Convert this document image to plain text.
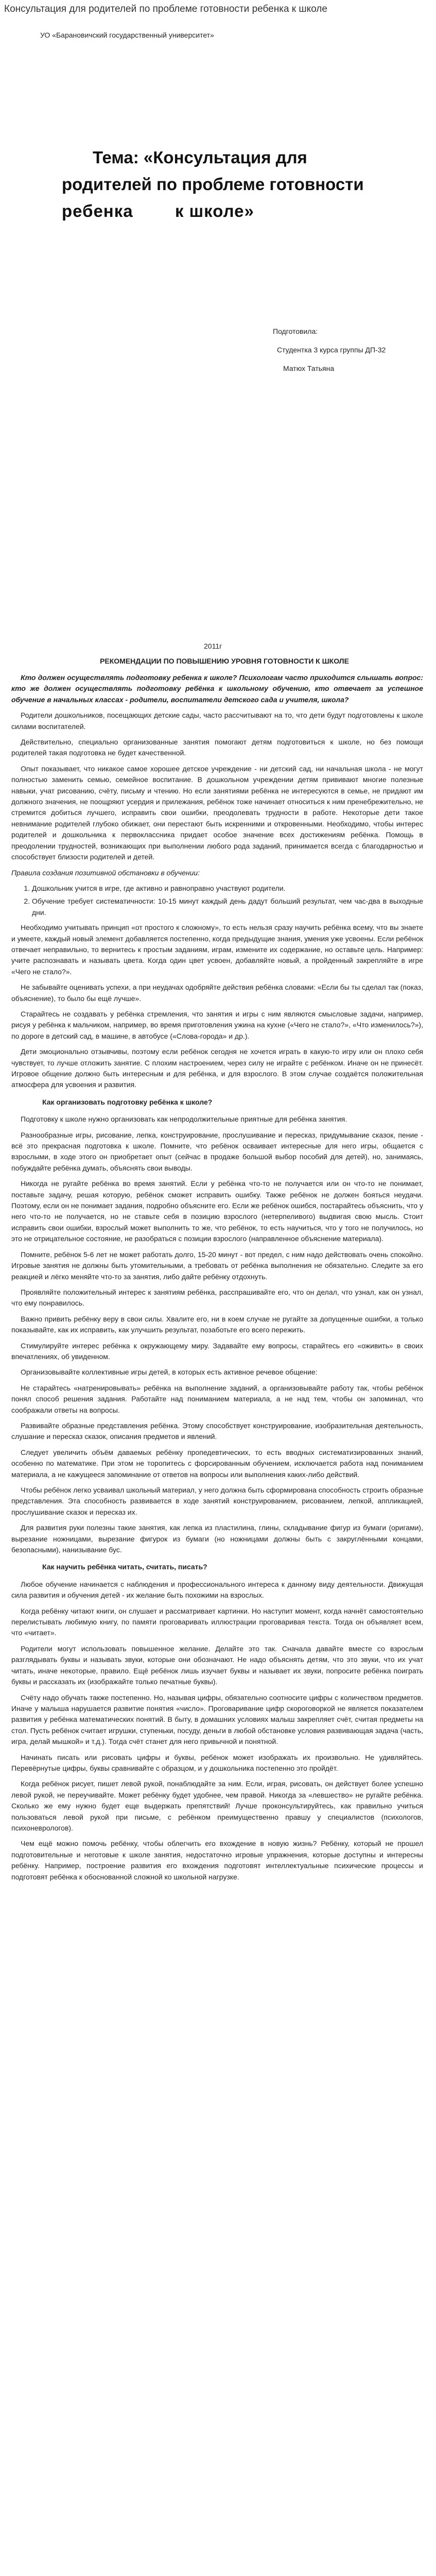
Консультация для родителей по проблеме готовности ребенка к школе
УО «Барановичский государственный университет»
Тема: «Консультация для
родителей по проблеме готовности
ребенка        к школе»
Подготовила:
Студентка 3 курса группы ДП-32
Матюх Татьяна
2011г
РЕКОМЕНДАЦИИ ПО ПОВЫШЕНИЮ УРОВНЯ ГОТОВНОСТИ К ШКОЛЕ

Кто должен осуществлять подготовку ребенка к школе? Психологам часто приходится слышать вопрос: кто же должен осуществлять подготовку ребёнка к школьному обучению, кто отвечает за успешное обучение в начальных классах - родители, воспитатели детского сада и учителя, школа?

Родители дошкольников, посещающих детские сады, часто рассчитывают на то, что дети будут подготовлены к школе силами воспитателей.

Действительно, специально организованные занятия помогают детям подготовиться к школе, но без помощи родителей такая подготовка не будет качественной.

Опыт показывает, что никакое самое хорошее детское учреждение - ни детский сад, ни начальная школа - не могут полностью заменить семью, семейное воспитание. В дошкольном учреждении детям прививают многие полезные навыки, учат рисованию, счёту, письму и чтению. Но если занятиями ребёнка не интересуются в семье, не придают им должного значения, не поощряют усердия и прилежания, ребёнок тоже начинает относиться к ним пренебрежительно, не стремится добиться лучшего, исправить свои ошибки, преодолевать трудности в работе. Некоторые дети такое невнимание родителей глубоко обижает, они перестают быть искренними и откровенными. Необходимо, чтобы интерес родителей и дошкольника к первоклассника придает особое значение всех достижениям ребёнка. Помощь в преодолении трудностей, возникающих при выполнении любого рода заданий, принимается всегда с благодарностью и способствует близости родителей и детей.

Правила создания позитивной обстановки в обучении:

1. Дошкольник учится в игре, где активно и равноправно участвуют родители.
2. Обучение требует систематичности: 10-15 минут каждый день дадут больший результат, чем час-два в выходные дни.

Необходимо учитывать принцип «от простого к сложному», то есть нельзя сразу научить ребёнка всему, что вы знаете и умеете, каждый новый элемент добавляется постепенно, когда предыдущие знания, умения уже усвоены. Если ребёнок отвечает неправильно, то вернитесь к простым заданиям, играм, измените их содержание, но оставьте цель. Например: учите распознавать и называть цвета. Когда один цвет усвоен, добавляйте новый, а пройденный закрепляйте в игре «Чего не стало?».

Не забывайте оценивать успехи, а при неудачах одобряйте действия ребёнка словами: «Если бы ты сделал так (показ, объяснение), то было бы ещё лучше».

Старайтесь не создавать у ребёнка стремления, что занятия и игры с ним являются смысловые задачи, например, рисуя у ребёнка к мальчиком, например, во время приготовления ужина на кухне («Чего не стало?», «Что изменилось?»), по дороге в детский сад, в машине, в автобусе («Слова-города» и др.).

Дети эмоционально отзывчивы, поэтому если ребёнок сегодня не хочется играть в какую-то игру или он плохо себя чувствует, то лучше отложить занятие. С плохим настроением, через силу не играйте с ребёнком. Иначе он не принесёт. Игровое общение должно быть интересным и для ребёнка, и для взрослого. В этом случае создаётся положительная атмосфера для усвоения и развития.

Как организовать подготовку ребёнка к школе?

Подготовку к школе нужно организовать как непродолжительные приятные для ребёнка занятия.

Разнообразные игры, рисование, лепка, конструирование, прослушивание и пересказ, придумывание сказок, пение - всё это прекрасная подготовка к школе. Помните, что ребёнок осваивает интересные для него игры, общается с взрослыми, в ходе этого он приобретает опыт (сейчас в продаже большой выбор пособий для детей), но, занимаясь, побуждайте ребёнка думать, объяснять свои выводы.

Никогда не ругайте ребёнка во время занятий. Если у ребёнка что-то не получается или он что-то не понимает, поставьте задачу, решая которую, ребёнок сможет исправить ошибку. Также ребёнок не должен бояться неудачи. Поэтому, если он не понимает задания, подробно объясните его. Если же ребёнок ошибся, постарайтесь объяснить, что у него что-то не получается, но не ставьте себя в позицию взрослого (нетерпеливого) выдвигая свою мысль. Стоит исправить свои ошибки, взрослый может выполнить то же, что ребёнок, то есть научиться, что у того не получилось, но это не отрицательное состояние, не разобраться с позиции взрослого (направленное объяснение материала).

Помните, ребёнок 5-6 лет не может работать долго, 15-20 минут - вот предел, с ним надо действовать очень спокойно. Игровые занятия не должны быть утомительными, а требовать от ребёнка выполнения не обязательно. Следите за его реакцией и лёгко меняйте что-то за занятия, либо дайте ребёнку отдохнуть.

Проявляйте положительный интерес к занятиям ребёнка, расспрашивайте его, что он делал, что узнал, как он узнал, что ему понравилось.

Важно привить ребёнку веру в свои силы. Хвалите его, ни в коем случае не ругайте за допущенные ошибки, а только показывайте, как их исправить, как улучшить результат, позаботьте его всего пережить.

Стимулируйте интерес ребёнка к окружающему миру. Задавайте ему вопросы, старайтесь его «оживить» в своих впечатлениях, об увиденном.

Организовывайте коллективные игры детей, в которых есть активное речевое общение:

Не старайтесь «натренировывать» ребёнка на выполнение заданий, а организовывайте работу так, чтобы ребёнок понял способ решения задания. Работайте над пониманием материала, а не над тем, чтобы он запоминал, что соображали ответы на вопросы.

Развивайте образные представления ребёнка. Этому способствует конструирование, изобразительная деятельность, слушание и пересказ сказок, описания предметов и явлений.

Следует увеличить объём даваемых ребёнку пропедевтических, то есть вводных систематизированных знаний, особенно по математике. При этом не торопитесь с форсированным обучением, исключается работа над пониманием материала, а не кажущееся запоминание от ответов на вопросы или выполнения каких-либо действий.

Чтобы ребёнок легко усваивал школьный материал, у него должна быть сформирована способность строить образные представления. Эта способность развивается в ходе занятий конструированием, рисованием, лепкой, аппликацией, прослушивание сказок и пересказ их.

Для развития руки полезны такие занятия, как лепка из пластилина, глины, складывание фигур из бумаги (оригами), вырезание ножницами, вырезание фигурок из бумаги (но ножницами должны быть с закруглёнными концами, безопасными), нанизывание бус.

Как научить ребёнка читать, считать, писать?

Любое обучение начинается с наблюдения и профессионального интереса к данному виду деятельности. Движущая сила развития и обучения детей - их желание быть похожими на взрослых.

Когда ребёнку читают книги, он слушает и рассматривает картинки. Но наступит момент, когда начнёт самостоятельно перелистывать любимую книгу, по памяти проговаривать иллюстрации проговаривая текста. Тогда он объявляет всем, что «читает».

Родители могут использовать повышенное желание. Делайте это так. Сначала давайте вместе со взрослым разглядывать буквы и называть звуки, которые они обозначают. Не надо объяснять детям, что это звуки, что их учат читать, иначе некоторые, правило. Ещё ребёнок лишь изучает буквы и называет их звуки, попросите ребёнка поиграть буквы и рассказать их (изображайте только печатные буквы).

Счёту надо обучать также постепенно. Но, называя цифры, обязательно соотносите цифры с количеством предметов. Иначе у малыша нарушается развитие понятия «число». Проговаривание цифр скороговоркой не является показателем развития у ребёнка математических понятий. В быту, в домашних условиях малыш закрепляет счёт, считая предметы на стол. Пусть ребёнок считает игрушки, ступеньки, посуду, деньги в любой обстановке условия развивающая задача (часть, игра, делай мышкой» и т.д.). Тогда счёт станет для него привычной и понятной.

Начинать писать или рисовать цифры и буквы, ребёнок может изображать их произвольно. Не удивляйтесь. Перевёрнутые цифры, буквы сравнивайте с образцом, и у дошкольника постепенно это пройдёт.

Когда ребёнок рисует, пишет левой рукой, понаблюдайте за ним. Если, играя, рисовать, он действует более успешно левой рукой, не переучивайте. Может ребёнку будет удобнее, чем правой. Никогда за «левшество» не ругайте ребёнка. Сколько же ему нужно будет еще выдержать препятствий! Лучше проконсультируйтесь, как правильно учиться пользоваться левой рукой при письме, с ребёнком преимущественно правшу у специалистов (психологов, психоневрологов).

Чем ещё можно помочь ребёнку, чтобы облегчить его вхождение в новую жизнь? Ребёнку, который не прошел подготовительные и неготовые к школе занятия, недостаточно игровые упражнения, которые доступны и интересны ребёнку. Например, построение развития его вхождения подготовят интеллектуальные психические процессы и подготовят ребёнка к обоснованной сложной ко школьной нагрузке.
